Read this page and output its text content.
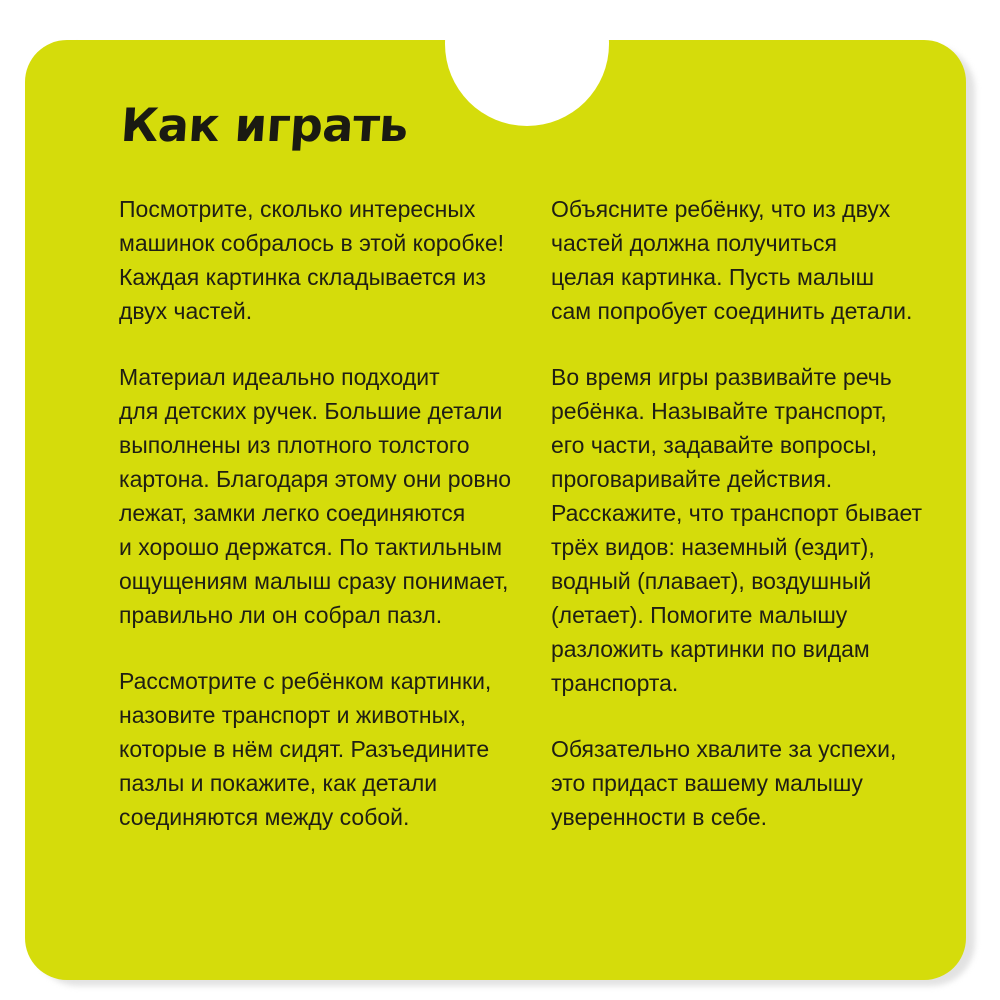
Как играть

Посмотрите, сколько интересных
машинок собралось в этой коробке!
Каждая картинка складывается из
двух частей.

Материал идеально подходит
для детских ручек. Большие детали
выполнены из плотного толстого
картона. Благодаря этому они ровно
лежат, замки легко соединяются
и хорошо держатся. По тактильным
ощущениям малыш сразу понимает,
правильно ли он собрал пазл.

Рассмотрите с ребёнком картинки,
назовите транспорт и животных,
которые в нём сидят. Разъедините
пазлы и покажите, как детали
соединяются между собой.

Объясните ребёнку, что из двух
частей должна получиться
целая картинка. Пусть малыш
сам попробует соединить детали.

Во время игры развивайте речь
ребёнка. Называйте транспорт,
его части, задавайте вопросы,
проговаривайте действия.
Расскажите, что транспорт бывает
трёх видов: наземный (ездит),
водный (плавает), воздушный
(летает). Помогите малышу
разложить картинки по видам
транспорта.

Обязательно хвалите за успехи,
это придаст вашему малышу
уверенности в себе.
